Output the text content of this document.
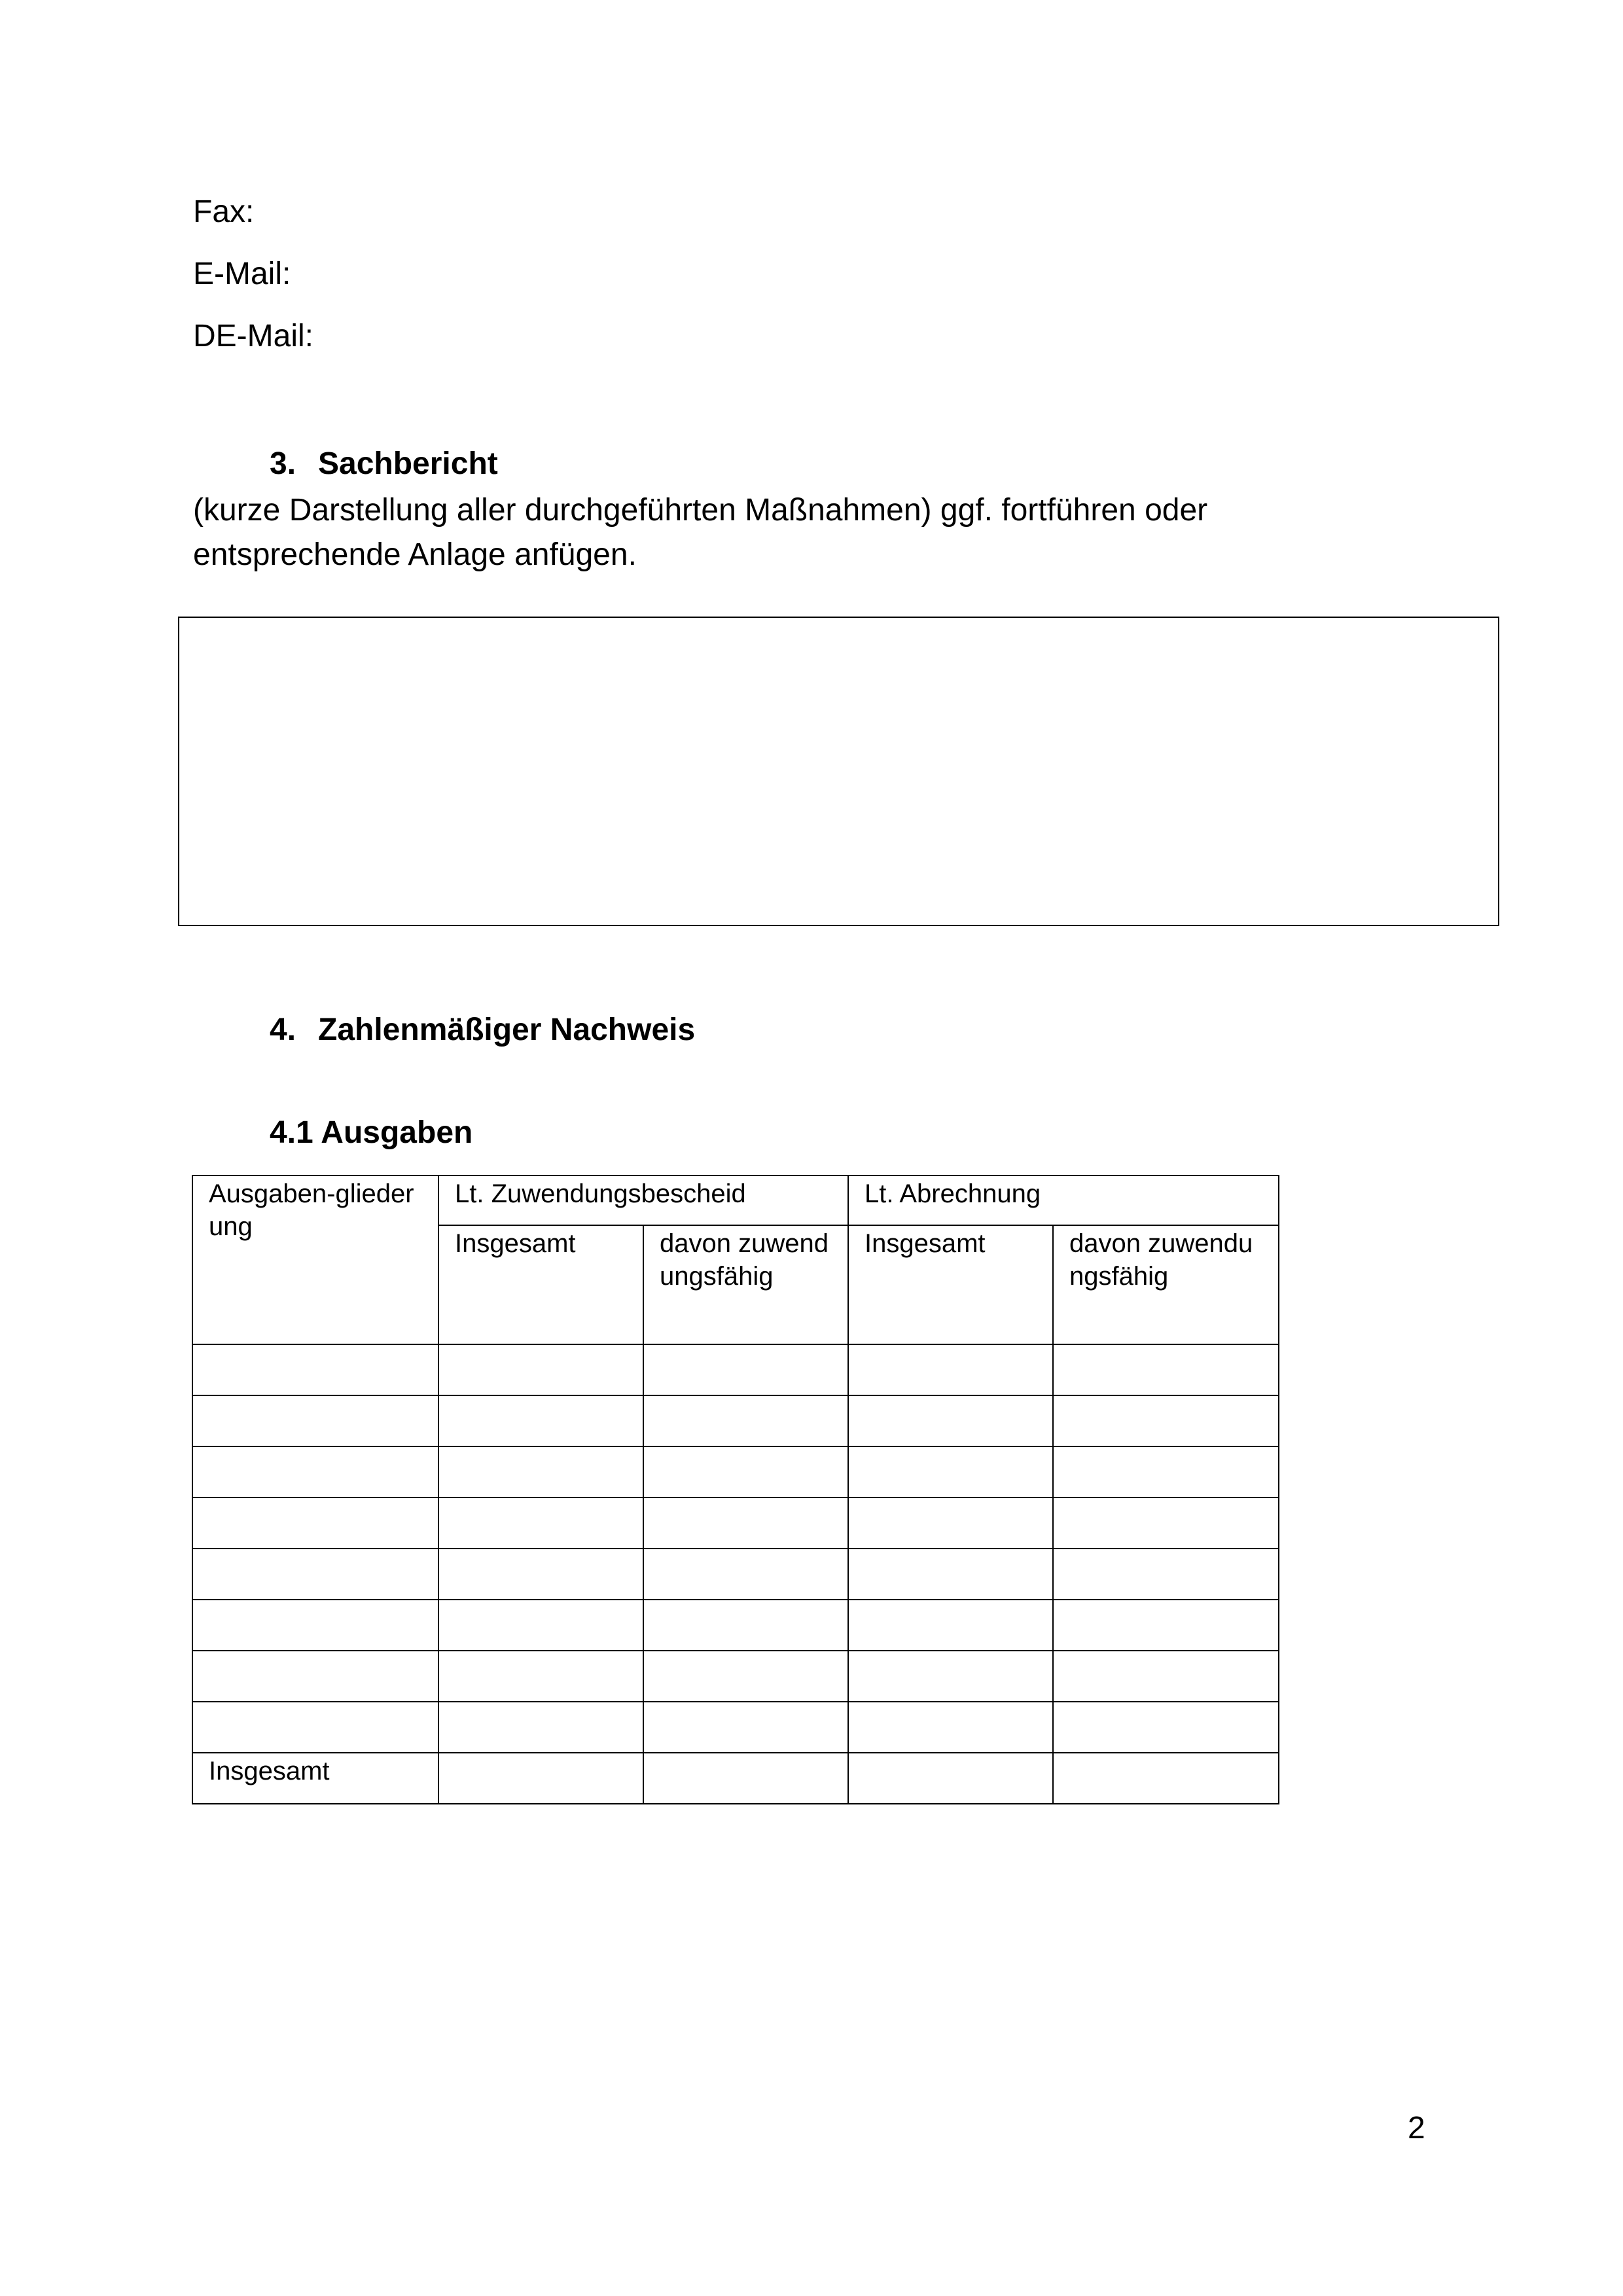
Fax:
E-Mail:
DE-Mail:
3. Sachbericht
(kurze Darstellung aller durchgeführten Maßnahmen) ggf. fortführen oder
entsprechende Anlage anfügen.
4. Zahlenmäßiger Nachweis
4.1 Ausgaben
Ausgaben-gliederung	Lt. Zuwendungsbescheid		Lt. Abrechnung	
	Insgesamt	davon zuwendungsfähig	Insgesamt	davon zuwendungsfähig

Insgesamt				
2
